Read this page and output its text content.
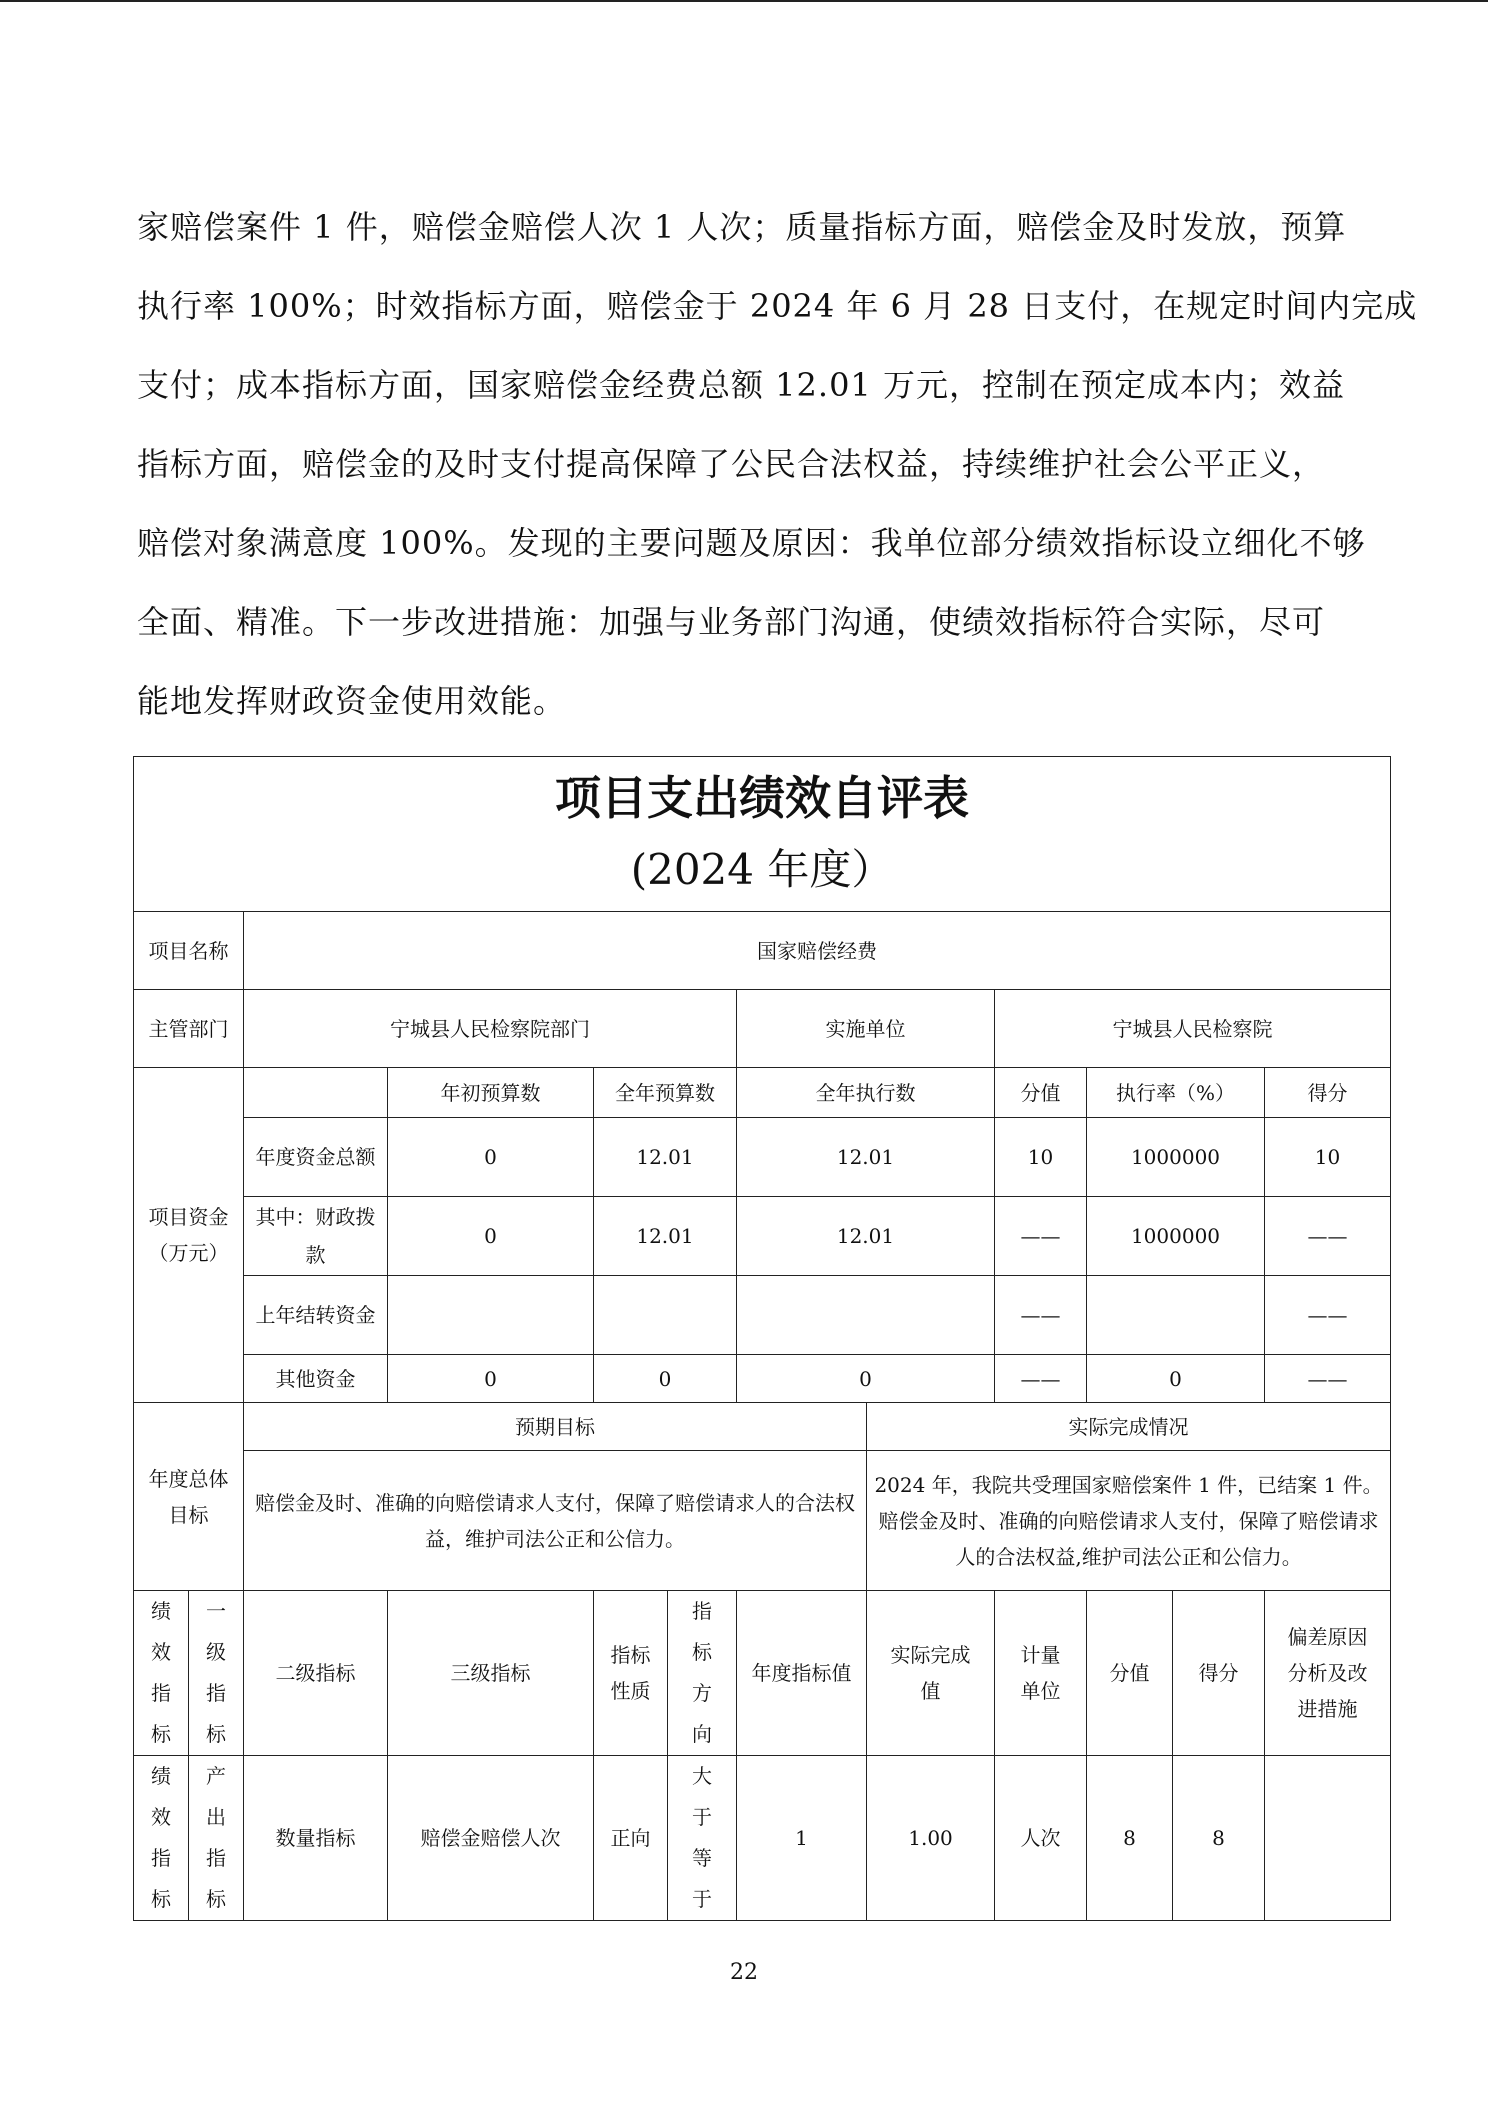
家赔偿案件 1 件，赔偿金赔偿人次 1 人次；质量指标方面，赔偿金及时发放，预算
执行率 100%；时效指标方面，赔偿金于 2024 年 6 月 28 日支付，在规定时间内完成
支付；成本指标方面，国家赔偿金经费总额 12.01 万元，控制在预定成本内；效益
指标方面，赔偿金的及时支付提高保障了公民合法权益，持续维护社会公平正义，
赔偿对象满意度 100%。发现的主要问题及原因：我单位部分绩效指标设立细化不够
全面、精准。下一步改进措施：加强与业务部门沟通，使绩效指标符合实际，尽可
能地发挥财政资金使用效能。
项目支出绩效自评表
(2024 年度）											

项目名称		国家赔偿经费									
主管部门		宁城县人民检察院部门				实施单位		宁城县人民检察院			
项目资金（万元）			年初预算数	全年预算数		全年执行数		分值	执行率（%）		得分
		年度资金总额	0	12.01		12.01		10	1000000		10
		其中：财政拨款	0	12.01		12.01		——	1000000		——
		上年结转资金						——			——
		其他资金	0	0		0		——	0		——
年度总体目标		预期目标					实际完成情况				
		赔偿金及时、准确的向赔偿请求人支付，保障了赔偿请求人的合法权益，维护司法公正和公信力。					2024 年，我院共受理国家赔偿案件 1 件，已结案 1 件。赔偿金及时、准确的向赔偿请求人支付，保障了赔偿请求人的合法权益,维护司法公正和公信力。				

绩效指标	一级指标	二级指标	三级指标	指标性质	指标方向	年度指标值	实际完成值	计量单位	分值	得分	偏差原因分析及改进措施

绩效指标	产出指标	数量指标	赔偿金赔偿人次	正向	大于等于	1	1.00	人次	8	8	
22
